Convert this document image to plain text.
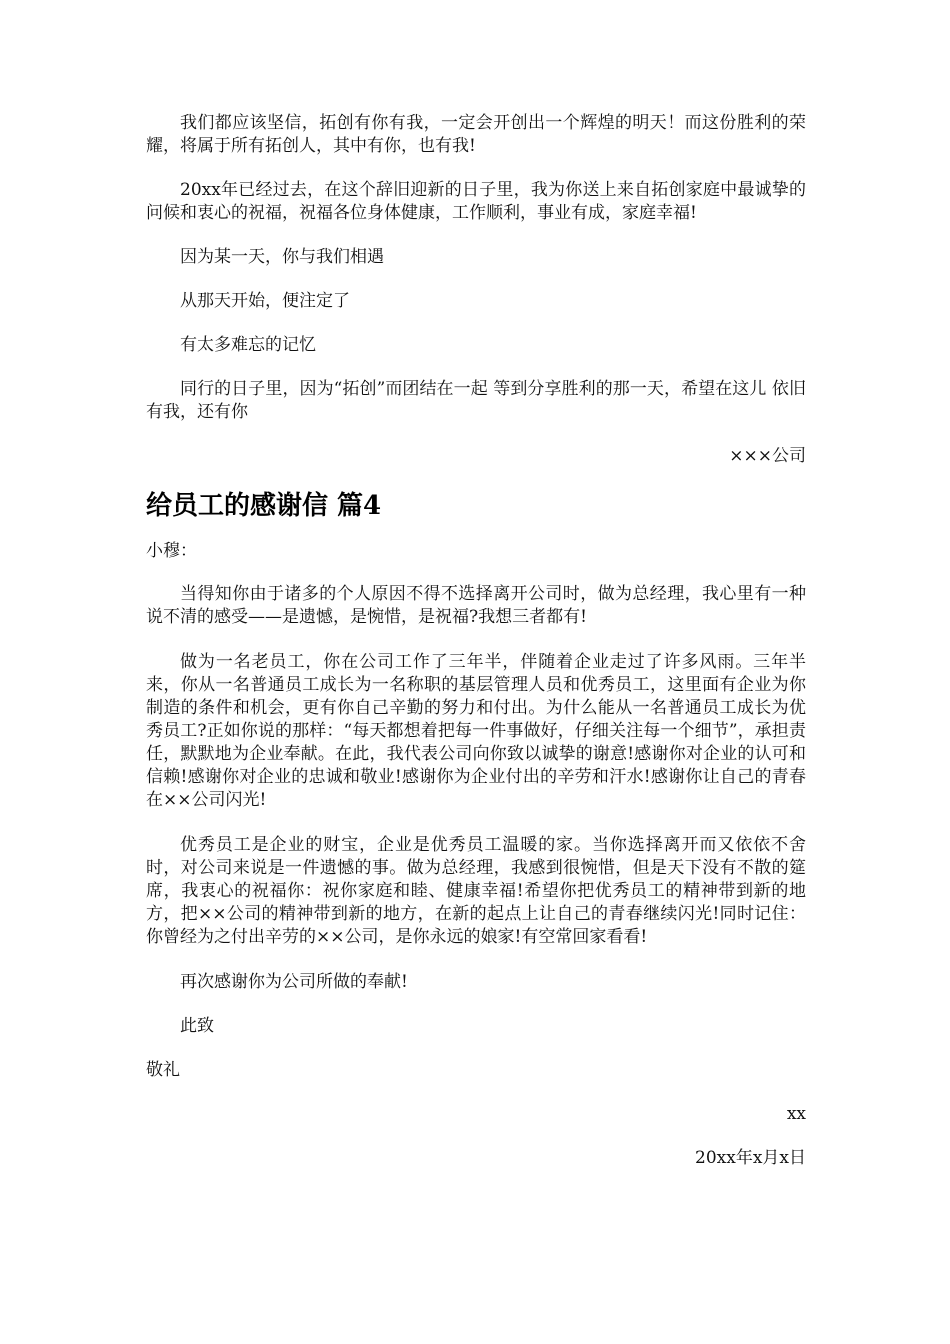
我们都应该坚信，拓创有你有我，一定会开创出一个辉煌的明天！而这份胜利的荣耀，将属于所有拓创人，其中有你，也有我!

20xx年已经过去，在这个辞旧迎新的日子里，我为你送上来自拓创家庭中最诚挚的问候和衷心的祝福，祝福各位身体健康，工作顺利，事业有成，家庭幸福!

因为某一天，你与我们相遇

从那天开始，便注定了

有太多难忘的记忆

同行的日子里，因为“拓创”而团结在一起 等到分享胜利的那一天，希望在这儿 依旧有我，还有你

×××公司

给员工的感谢信 篇4

小穆：

当得知你由于诸多的个人原因不得不选择离开公司时，做为总经理，我心里有一种说不清的感受——是遗憾，是惋惜，是祝福?我想三者都有!

做为一名老员工，你在公司工作了三年半，伴随着企业走过了许多风雨。三年半来，你从一名普通员工成长为一名称职的基层管理人员和优秀员工，这里面有企业为你制造的条件和机会，更有你自己辛勤的努力和付出。为什么能从一名普通员工成长为优秀员工?正如你说的那样：“每天都想着把每一件事做好，仔细关注每一个细节”，承担责任，默默地为企业奉献。在此，我代表公司向你致以诚挚的谢意!感谢你对企业的认可和信赖!感谢你对企业的忠诚和敬业!感谢你为企业付出的辛劳和汗水!感谢你让自己的青春在××公司闪光!

优秀员工是企业的财宝，企业是优秀员工温暖的家。当你选择离开而又依依不舍时，对公司来说是一件遗憾的事。做为总经理，我感到很惋惜，但是天下没有不散的筵席，我衷心的祝福你：祝你家庭和睦、健康幸福!希望你把优秀员工的精神带到新的地方，把××公司的精神带到新的地方，在新的起点上让自己的青春继续闪光!同时记住：你曾经为之付出辛劳的××公司，是你永远的娘家!有空常回家看看!

再次感谢你为公司所做的奉献!

此致

敬礼

xx

20xx年x月x日
